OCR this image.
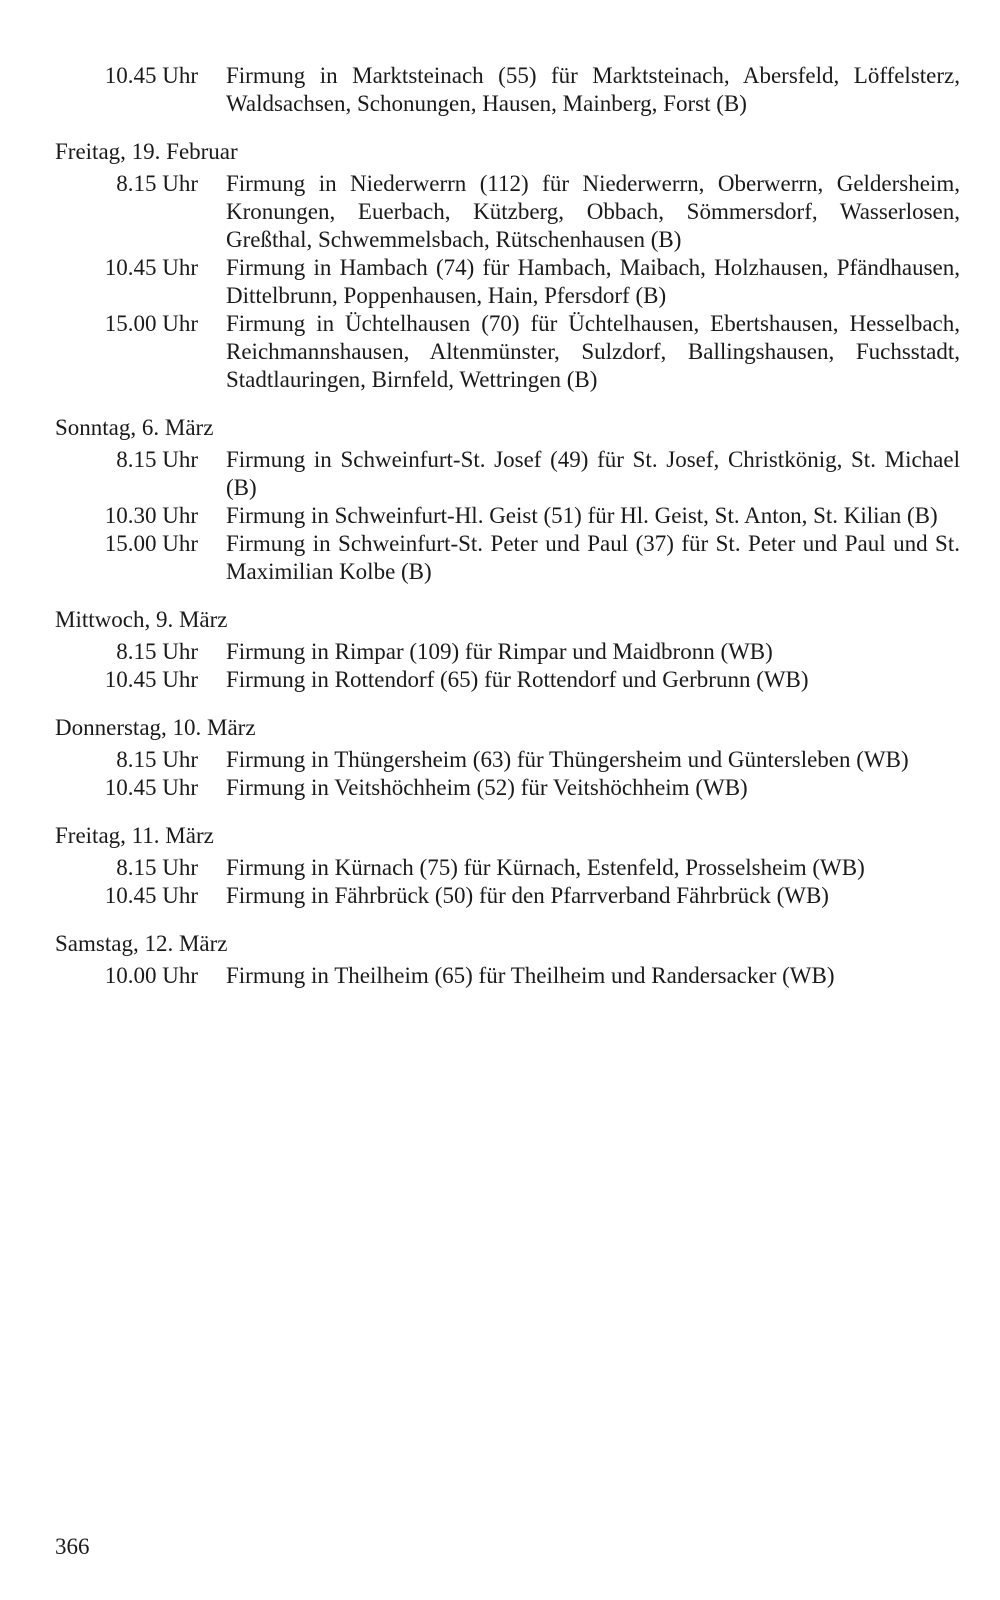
10.45 Uhr Firmung in Marktsteinach (55) für Marktsteinach, Abersfeld, Löffelsterz, Waldsachsen, Schonungen, Hausen, Mainberg, Forst (B)
Freitag, 19. Februar
8.15 Uhr Firmung in Niederwerrn (112) für Niederwerrn, Oberwerrn, Geldersheim, Kronungen, Euerbach, Kützberg, Obbach, Sömmersdorf, Wasserlosen, Greßthal, Schwemmelsbach, Rütschenhausen (B)
10.45 Uhr Firmung in Hambach (74) für Hambach, Maibach, Holzhausen, Pfändhausen, Dittelbrunn, Poppenhausen, Hain, Pfersdorf (B)
15.00 Uhr Firmung in Üchtelhausen (70) für Üchtelhausen, Ebertshausen, Hesselbach, Reichmannshausen, Altenmünster, Sulzdorf, Ballingshausen, Fuchsstadt, Stadtlauringen, Birnfeld, Wettringen (B)
Sonntag, 6. März
8.15 Uhr Firmung in Schweinfurt-St. Josef (49) für St. Josef, Christkönig, St. Michael (B)
10.30 Uhr Firmung in Schweinfurt-Hl. Geist (51) für Hl. Geist, St. Anton, St. Kilian (B)
15.00 Uhr Firmung in Schweinfurt-St. Peter und Paul (37) für St. Peter und Paul und St. Maximilian Kolbe (B)
Mittwoch, 9. März
8.15 Uhr Firmung in Rimpar (109) für Rimpar und Maidbronn (WB)
10.45 Uhr Firmung in Rottendorf (65) für Rottendorf und Gerbrunn (WB)
Donnerstag, 10. März
8.15 Uhr Firmung in Thüngersheim (63) für Thüngersheim und Güntersleben (WB)
10.45 Uhr Firmung in Veitshöchheim (52) für Veitshöchheim (WB)
Freitag, 11. März
8.15 Uhr Firmung in Kürnach (75) für Kürnach, Estenfeld, Prosselsheim (WB)
10.45 Uhr Firmung in Fährbrück (50) für den Pfarrverband Fährbrück (WB)
Samstag, 12. März
10.00 Uhr Firmung in Theilheim (65) für Theilheim und Randersacker (WB)
366
